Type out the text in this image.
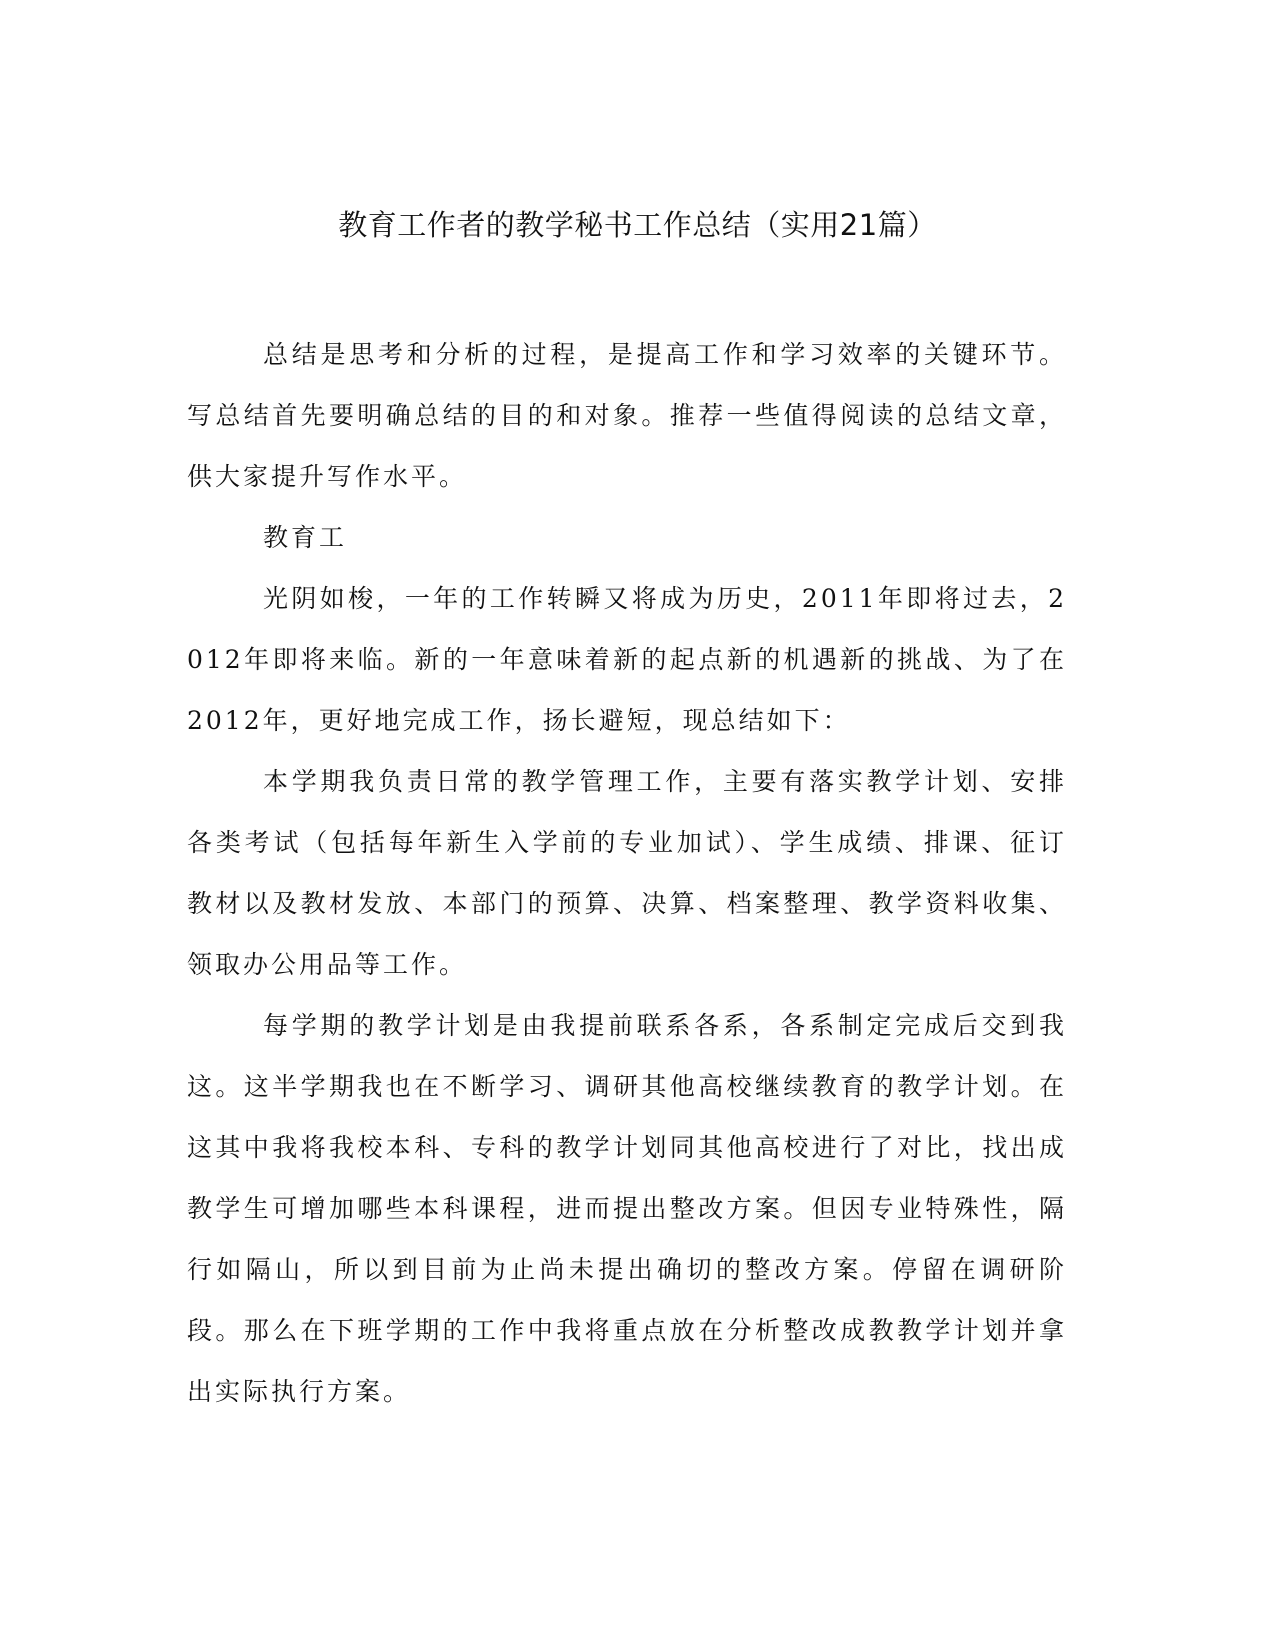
教育工作者的教学秘书工作总结（实用21篇）

总结是思考和分析的过程，是提高工作和学习效率的关键环节。写总结首先要明确总结的目的和对象。推荐一些值得阅读的总结文章，供大家提升写作水平。

教育工

光阴如梭，一年的工作转瞬又将成为历史，2011年即将过去，2012年即将来临。新的一年意味着新的起点新的机遇新的挑战、为了在2012年，更好地完成工作，扬长避短，现总结如下：

本学期我负责日常的教学管理工作，主要有落实教学计划、安排各类考试（包括每年新生入学前的专业加试）、学生成绩、排课、征订教材以及教材发放、本部门的预算、决算、档案整理、教学资料收集、领取办公用品等工作。

每学期的教学计划是由我提前联系各系，各系制定完成后交到我这。这半学期我也在不断学习、调研其他高校继续教育的教学计划。在这其中我将我校本科、专科的教学计划同其他高校进行了对比，找出成教学生可增加哪些本科课程，进而提出整改方案。但因专业特殊性，隔行如隔山，所以到目前为止尚未提出确切的整改方案。停留在调研阶段。那么在下班学期的工作中我将重点放在分析整改成教教学计划并拿出实际执行方案。
